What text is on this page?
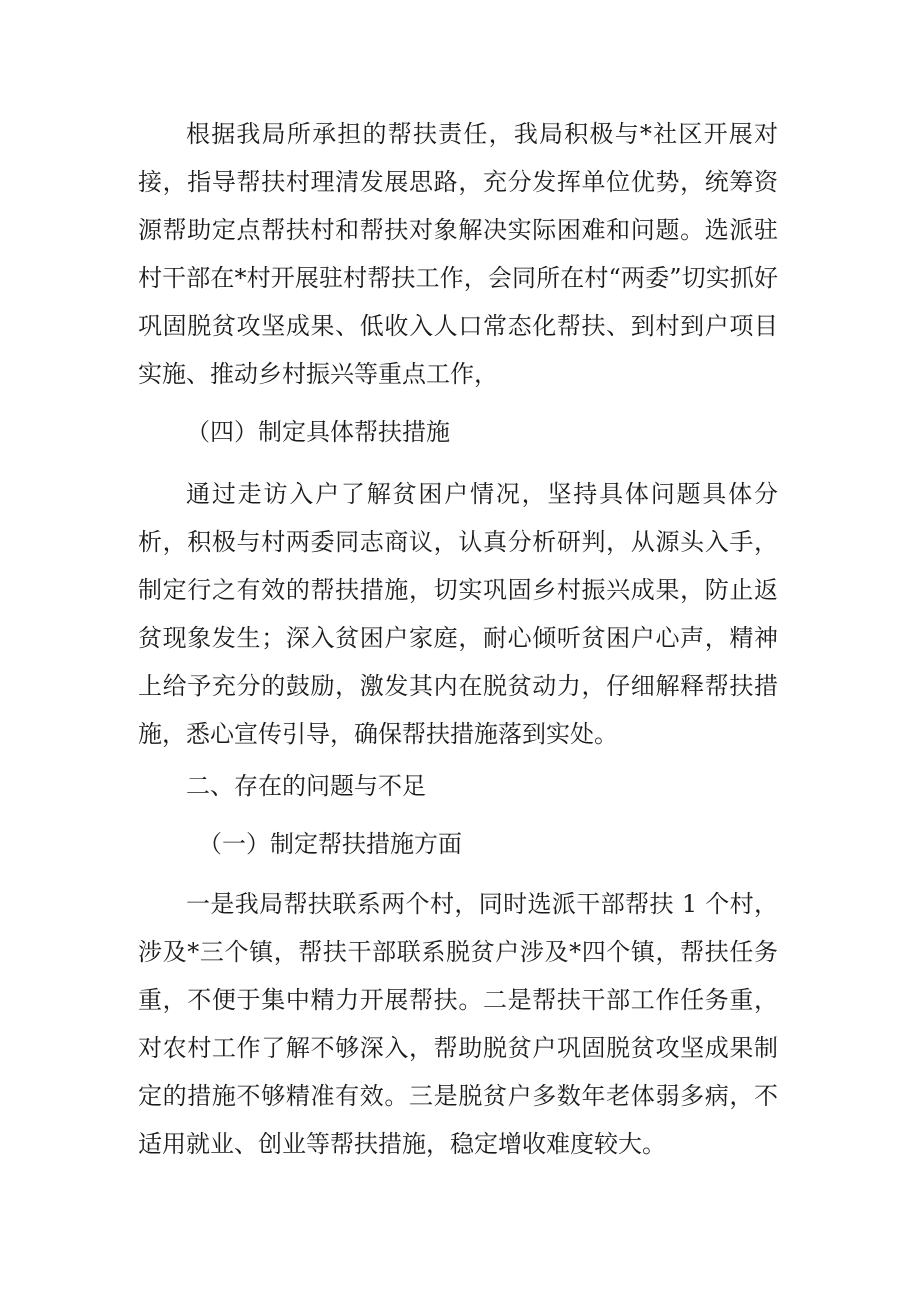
根据我局所承担的帮扶责任，我局积极与*社区开展对接，指导帮扶村理清发展思路，充分发挥单位优势，统筹资源帮助定点帮扶村和帮扶对象解决实际困难和问题。选派驻村干部在*村开展驻村帮扶工作，会同所在村“两委”切实抓好巩固脱贫攻坚成果、低收入人口常态化帮扶、到村到户项目实施、推动乡村振兴等重点工作，

（四）制定具体帮扶措施

通过走访入户了解贫困户情况，坚持具体问题具体分析，积极与村两委同志商议，认真分析研判，从源头入手，制定行之有效的帮扶措施，切实巩固乡村振兴成果，防止返贫现象发生；深入贫困户家庭，耐心倾听贫困户心声，精神上给予充分的鼓励，激发其内在脱贫动力，仔细解释帮扶措施，悉心宣传引导，确保帮扶措施落到实处。

二、存在的问题与不足
（一）制定帮扶措施方面

一是我局帮扶联系两个村，同时选派干部帮扶 1 个村，涉及*三个镇，帮扶干部联系脱贫户涉及*四个镇，帮扶任务重，不便于集中精力开展帮扶。二是帮扶干部工作任务重，对农村工作了解不够深入，帮助脱贫户巩固脱贫攻坚成果制定的措施不够精准有效。三是脱贫户多数年老体弱多病，不适用就业、创业等帮扶措施，稳定增收难度较大。
